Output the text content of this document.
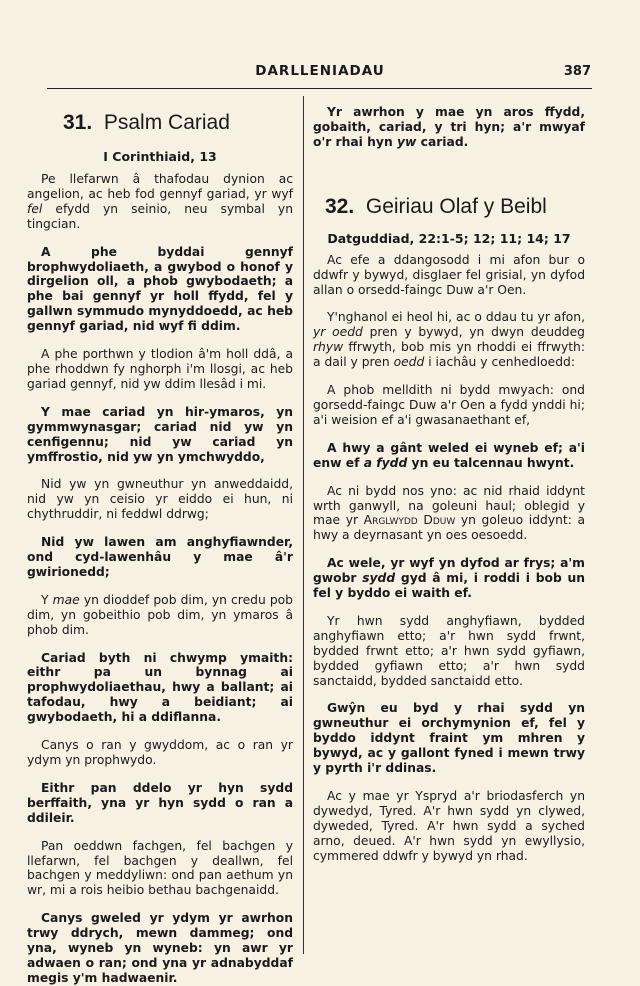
DARLLENIADAU	387
31. Psalm Cariad
I Corinthiaid, 13

Pe llefarwn â thafodau dynion ac angelion, ac heb fod gennyf gariad, yr wyf fel efydd yn seinio, neu symbal yn tingcian.

A phe byddai gennyf brophwydoliaeth, a gwybod o honof y dirgelion oll, a phob gwybodaeth; a phe bai gennyf yr holl ffydd, fel y gallwn symmudo mynyddoedd, ac heb gennyf gariad, nid wyf fi ddim.

A phe porthwn y tlodion â'm holl ddâ, a phe rhoddwn fy nghorph i'm llosgi, ac heb gariad gennyf, nid yw ddim llesâd i mi.

Y mae cariad yn hir-ymaros, yn gymmwynasgar; cariad nid yw yn cenfigennu; nid yw cariad yn ymffrostio, nid yw yn ymchwyddo,

Nid yw yn gwneuthur yn anweddaidd, nid yw yn ceisio yr eiddo ei hun, ni chythruddir, ni feddwl ddrwg;

Nid yw lawen am anghyfiawnder, ond cyd-lawenhâu y mae â'r gwirionedd;

Y mae yn dioddef pob dim, yn credu pob dim, yn gobeithio pob dim, yn ymaros â phob dim.

Cariad byth ni chwymp ymaith: eithr pa un bynnag ai prophwydoliaethau, hwy a ballant; ai tafodau, hwy a beidiant; ai gwybodaeth, hi a ddiflanna.

Canys o ran y gwyddom, ac o ran yr ydym yn prophwydo.

Eithr pan ddelo yr hyn sydd berffaith, yna yr hyn sydd o ran a ddileir.

Pan oeddwn fachgen, fel bachgen y llefarwn, fel bachgen y deallwn, fel bachgen y meddyliwn: ond pan aethum yn wr, mi a rois heibio bethau bachgenaidd.

Canys gweled yr ydym yr awrhon trwy ddrych, mewn dammeg; ond yna, wyneb yn wyneb: yn awr yr adwaen o ran; ond yna yr adnabyddaf megis y'm hadwaenir.

Yr awrhon y mae yn aros ffydd, gobaith, cariad, y tri hyn; a'r mwyaf o'r rhai hyn yw cariad.

32. Geiriau Olaf y Beibl
Datguddiad, 22:1-5; 12; 11; 14; 17

Ac efe a ddangosodd i mi afon bur o ddwfr y bywyd, disglaer fel grisial, yn dyfod allan o orsedd-faingc Duw a'r Oen.

Y'nghanol ei heol hi, ac o ddau tu yr afon, yr oedd pren y bywyd, yn dwyn deuddeg rhyw ffrwyth, bob mis yn rhoddi ei ffrwyth: a dail y pren oedd i iachâu y cenhedloedd:

A phob melldith ni bydd mwyach: ond gorsedd-faingc Duw a'r Oen a fydd ynddi hi; a'i weision ef a'i gwasanaethant ef,

A hwy a gânt weled ei wyneb ef; a'i enw ef a fydd yn eu talcennau hwynt.

Ac ni bydd nos yno: ac nid rhaid iddynt wrth ganwyll, na goleuni haul; oblegid y mae yr Arglwydd Dduw yn goleuo iddynt: a hwy a deyrnasant yn oes oesoedd.

Ac wele, yr wyf yn dyfod ar frys; a'm gwobr sydd gyd â mi, i roddi i bob un fel y byddo ei waith ef.

Yr hwn sydd anghyfiawn, bydded anghyfiawn etto; a'r hwn sydd frwnt, bydded frwnt etto; a'r hwn sydd gyfiawn, bydded gyfiawn etto; a'r hwn sydd sanctaidd, bydded sanctaidd etto.

Gwŷn eu byd y rhai sydd yn gwneuthur ei orchymynion ef, fel y byddo iddynt fraint ym mhren y bywyd, ac y gallont fyned i mewn trwy y pyrth i'r ddinas.

Ac y mae yr Yspryd a'r briodasferch yn dywedyd, Tyred. A'r hwn sydd yn clywed, dyweded, Tyred. A'r hwn sydd a syched arno, deued. A'r hwn sydd yn ewyllysio, cymmered ddwfr y bywyd yn rhad.
